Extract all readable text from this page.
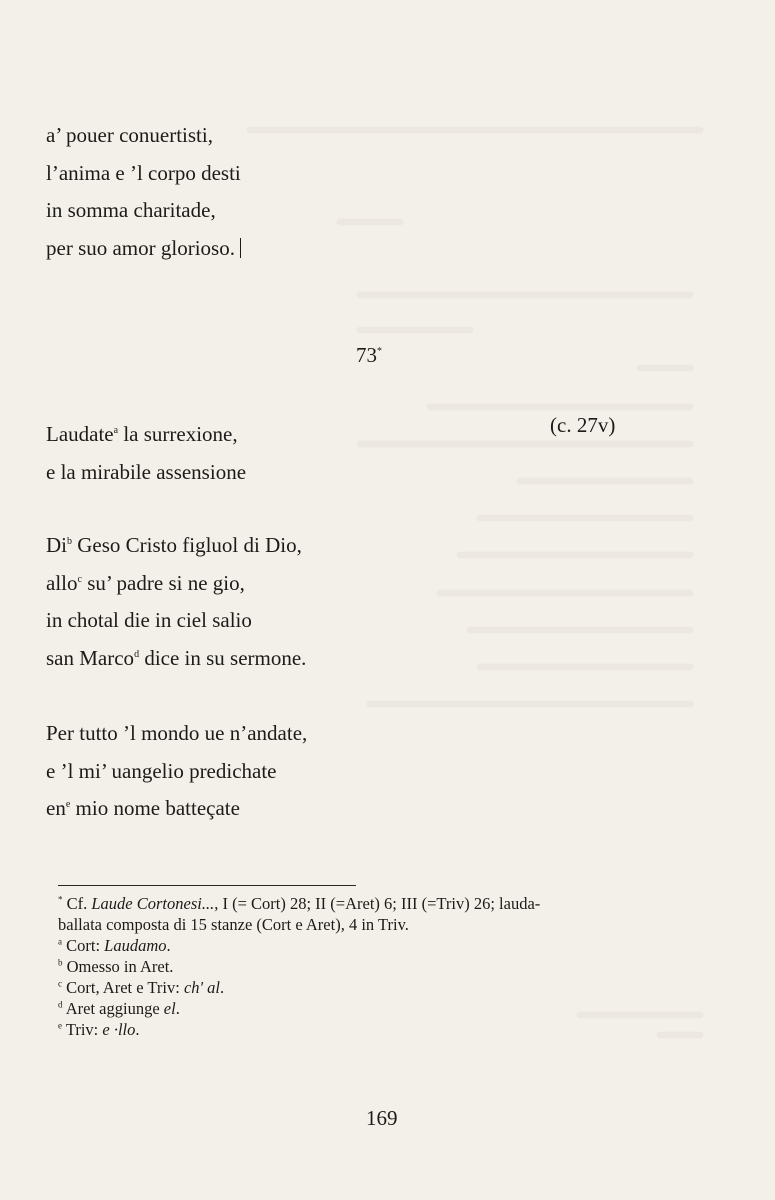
a’ pouer conuertisti,
l’anima e ’l corpo desti
in somma charitade,
per suo amor glorioso.
73*
(c. 27v)
Laudate$^a$ la surrexione,
e la mirabile assensione
Di$^b$ Geso Cristo figluol di Dio,
allo$^c$ su’ padre si ne gio,
in chotal die in ciel salio
san Marco$^d$ dice in su sermone.
Per tutto ’l mondo ue n’andate,
e ’l mi’ uangelio predichate
$en^e$ mio nome batteçate
* Cf. Laude Cortonesi..., I (= Cort) 28; II (=Aret) 6; III (=Triv) 26; lauda-
ballata composta di 15 stanze (Cort e Aret), 4 in Triv.
$^a$ Cort: Laudamo.
$^b$ Omesso in Aret.
$^c$ Cort, Aret e Triv: ch' al.
$^d$ Aret aggiunge el.
$^e$ Triv: e ·llo.
169
